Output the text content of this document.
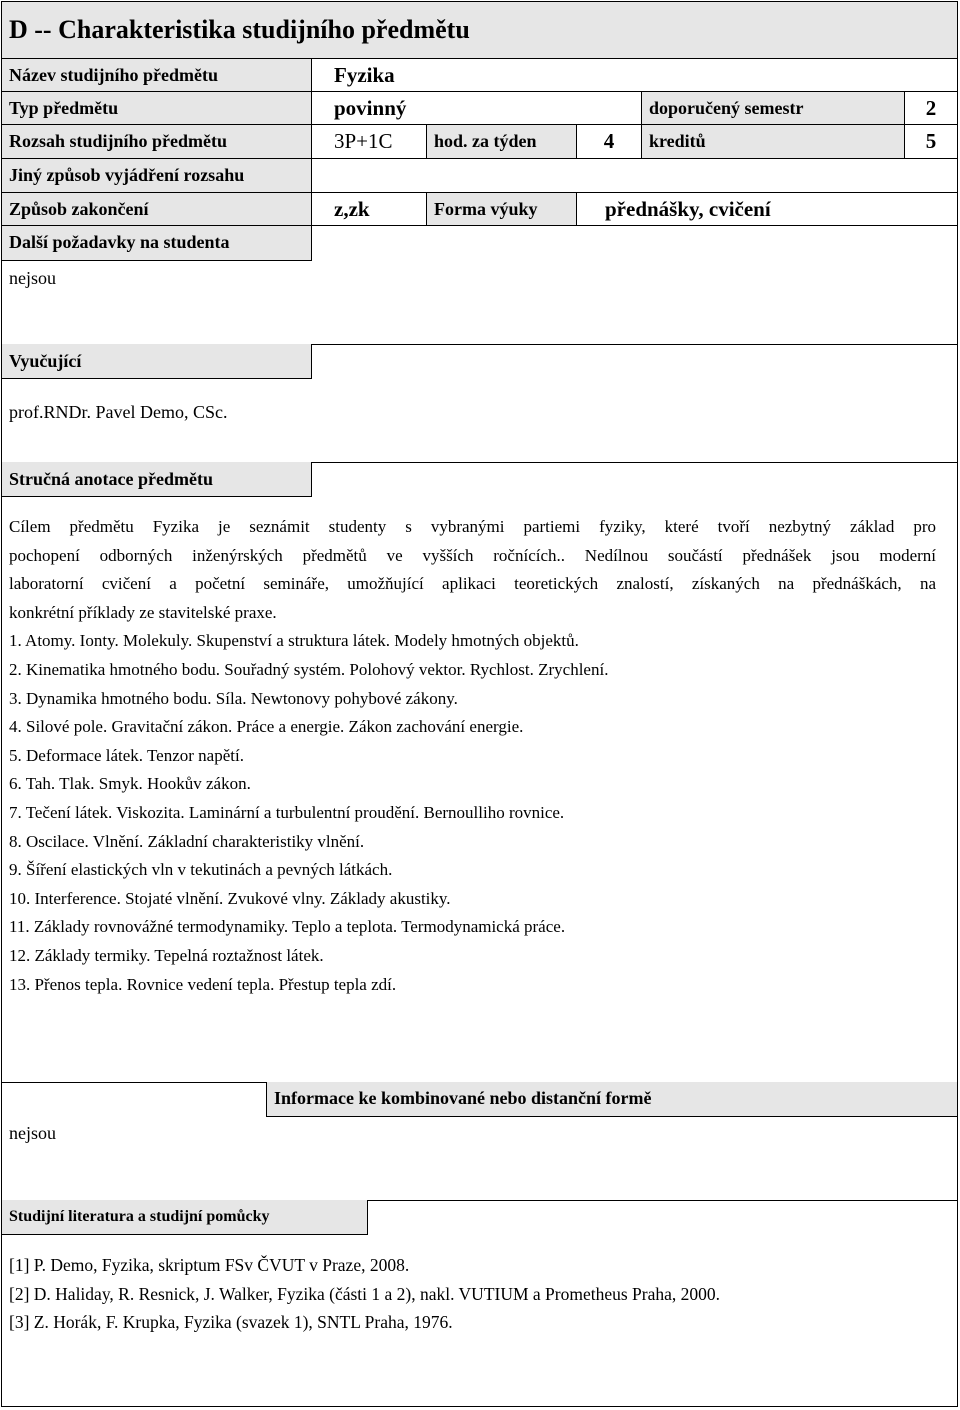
D -- Charakteristika studijního předmětu
Název studijního předmětu	Fyzika
Typ předmětu	povinný	doporučený semestr	2
Rozsah studijního předmětu	3P+1C	hod. za týden	4	kreditů	5
Jiný způsob vyjádření rozsahu
Způsob zakončení	z,zk	Forma výuky	přednášky, cvičení
Další požadavky na studenta
nejsou
Vyučující
prof.RNDr. Pavel Demo, CSc.
Stručná anotace předmětu
Cílem předmětu Fyzika je seznámit studenty s vybranými partiemi fyziky, které tvoří nezbytný základ pro
pochopení odborných inženýrských předmětů ve vyšších ročnících.. Nedílnou součástí přednášek jsou moderní
laboratorní cvičení a početní semináře, umožňující aplikaci teoretických znalostí, získaných na přednáškách, na
konkrétní příklady ze stavitelské praxe.
1. Atomy. Ionty. Molekuly. Skupenství a struktura látek. Modely hmotných objektů.
2. Kinematika hmotného bodu. Souřadný systém. Polohový vektor. Rychlost. Zrychlení.
3. Dynamika hmotného bodu. Síla. Newtonovy pohybové zákony.
4. Silové pole. Gravitační zákon. Práce a energie. Zákon zachování energie.
5. Deformace látek. Tenzor napětí.
6. Tah. Tlak. Smyk. Hookův zákon.
7. Tečení látek. Viskozita. Laminární a turbulentní proudění. Bernoulliho rovnice.
8. Oscilace. Vlnění. Základní charakteristiky vlnění.
9. Šíření elastických vln v tekutinách a pevných látkách.
10. Interference. Stojaté vlnění. Zvukové vlny. Základy akustiky.
11. Základy rovnovážné termodynamiky. Teplo a teplota. Termodynamická práce.
12. Základy termiky. Tepelná roztažnost látek.
13. Přenos tepla. Rovnice vedení tepla. Přestup tepla zdí.
Informace ke kombinované nebo distanční formě
nejsou
Studijní literatura a studijní pomůcky
[1] P. Demo, Fyzika, skriptum FSv ČVUT v Praze, 2008.
[2] D. Haliday, R. Resnick, J. Walker, Fyzika (části 1 a 2), nakl. VUTIUM a Prometheus Praha, 2000.
[3] Z. Horák, F. Krupka, Fyzika (svazek 1), SNTL Praha, 1976.
